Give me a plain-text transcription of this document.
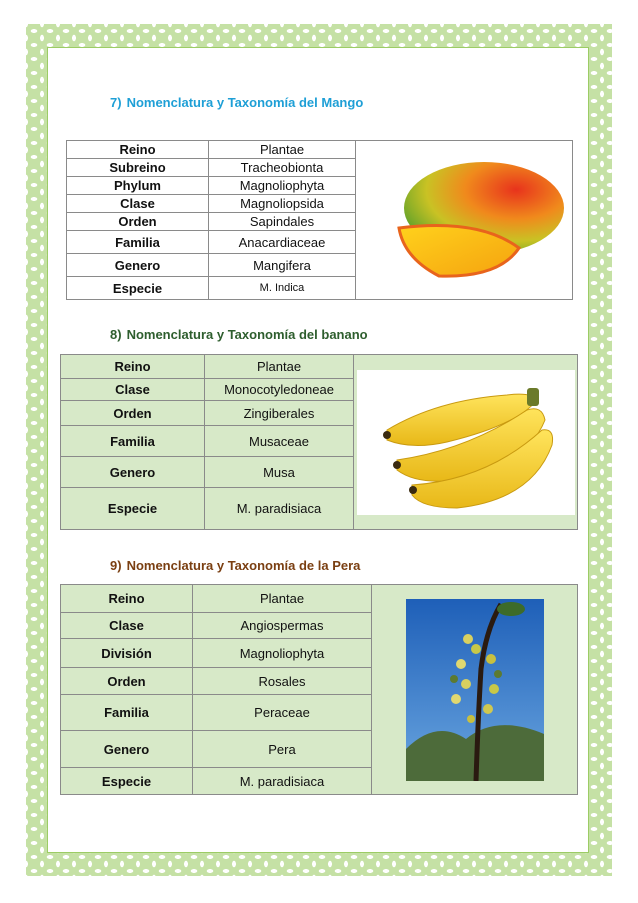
7) Nomenclatura y Taxonomía del Mango
Reino	Plantae	

Subreino	Tracheobionta	
Phylum	Magnoliophyta	
Clase	Magnoliopsida	
Orden	Sapindales	
Familia	Anacardiaceae	
Genero	Mangifera	
Especie	M. Indica	
8) Nomenclatura y Taxonomía del banano
Reino	Plantae	

Clase	Monocotyledoneae	
Orden	Zingiberales	
Familia	Musaceae	
Genero	Musa	
Especie	M. paradisiaca	
9) Nomenclatura y Taxonomía de la Pera
Reino	Plantae	

Clase	Angiospermas	
División	Magnoliophyta	
Orden	Rosales	
Familia	Peraceae	
Genero	Pera	
Especie	M. paradisiaca	
